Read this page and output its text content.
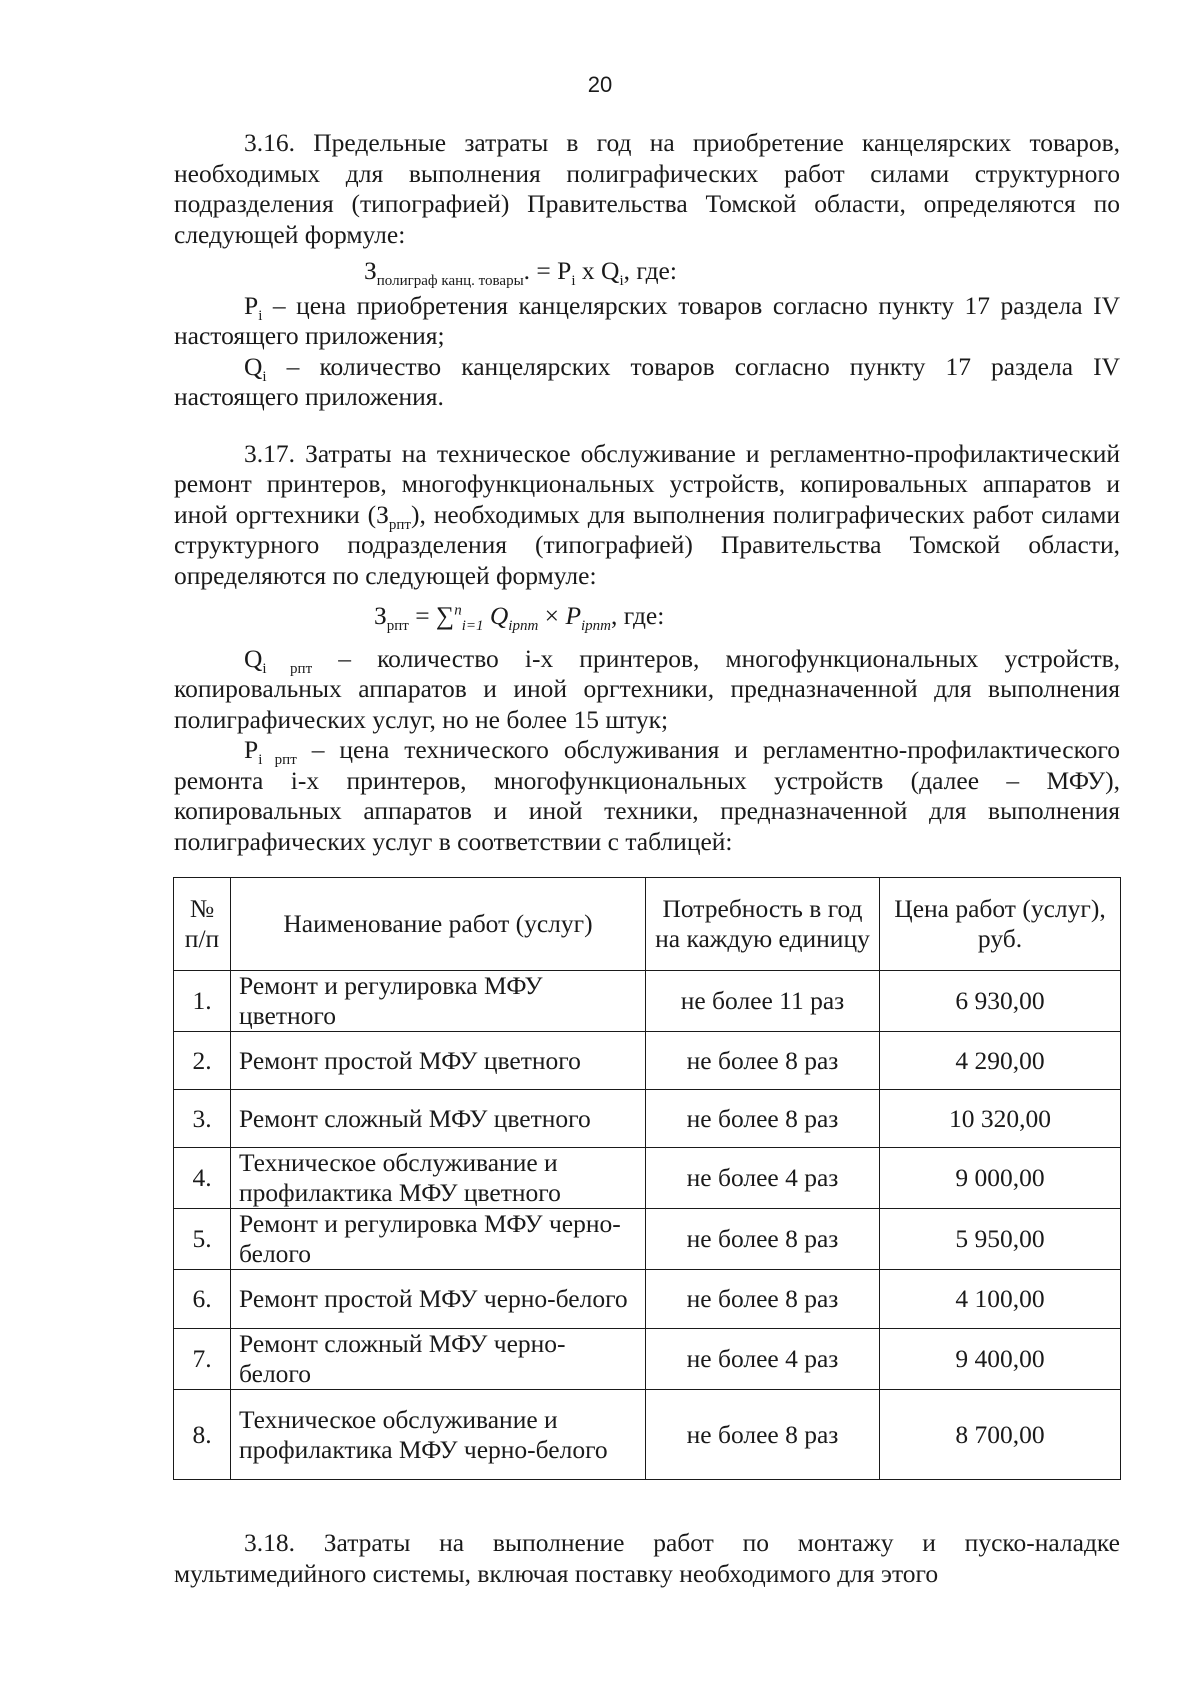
20

3.16. Предельные затраты в год на приобретение канцелярских товаров, необходимых для выполнения полиграфических работ силами структурного подразделения (типографией) Правительства Томской области, определяются по следующей формуле:

$З_{полиграф канц. товары}$. = $P_i$ x $Q_i$, где:

$P_i$ – цена приобретения канцелярских товаров согласно пункту 17 раздела IV настоящего приложения;

$Q_i$ – количество канцелярских товаров согласно пункту 17 раздела IV настоящего приложения.

3.17. Затраты на техническое обслуживание и регламентно-профилактический ремонт принтеров, многофункциональных устройств, копировальных аппаратов и иной оргтехники $(З_{рпт})$, необходимых для выполнения полиграфических работ силами структурного подразделения (типографией) Правительства Томской области, определяются по следующей формуле:

$З_{рпт} = \sum^n_{i=1}$ $Q_{iрпт} \times P_{iрпт}$, где:

$Q_{i рпт}$ – количество i-x принтеров, многофункциональных устройств, копировальных аппаратов и иной оргтехники, предназначенной для выполнения полиграфических услуг, но не более 15 штук;

$P_{i рпт}$ – цена технического обслуживания и регламентно-профилактического ремонта i-x принтеров, многофункциональных устройств (далее – МФУ), копировальных аппаратов и иной техники, предназначенной для выполнения полиграфических услуг в соответствии с таблицей:

№ п/п	Наименование работ (услуг)	Потребность в год на каждую единицу	Цена работ (услуг), руб.
1.	Ремонт и регулировка МФУ цветного	не более 11 раз	6 930,00
2.	Ремонт простой МФУ цветного	не более 8 раз	4 290,00
3.	Ремонт сложный МФУ цветного	не более 8 раз	10 320,00
4.	Техническое обслуживание и профилактика МФУ цветного	не более 4 раз	9 000,00
5.	Ремонт и регулировка МФУ черно-белого	не более 8 раз	5 950,00
6.	Ремонт простой МФУ черно-белого	не более 8 раз	4 100,00
7.	Ремонт сложный МФУ черно-белого	не более 4 раз	9 400,00
8.	Техническое обслуживание и профилактика МФУ черно-белого	не более 8 раз	8 700,00

3.18. Затраты на выполнение работ по монтажу и пуско-наладке мультимедийного системы, включая поставку необходимого для этого
